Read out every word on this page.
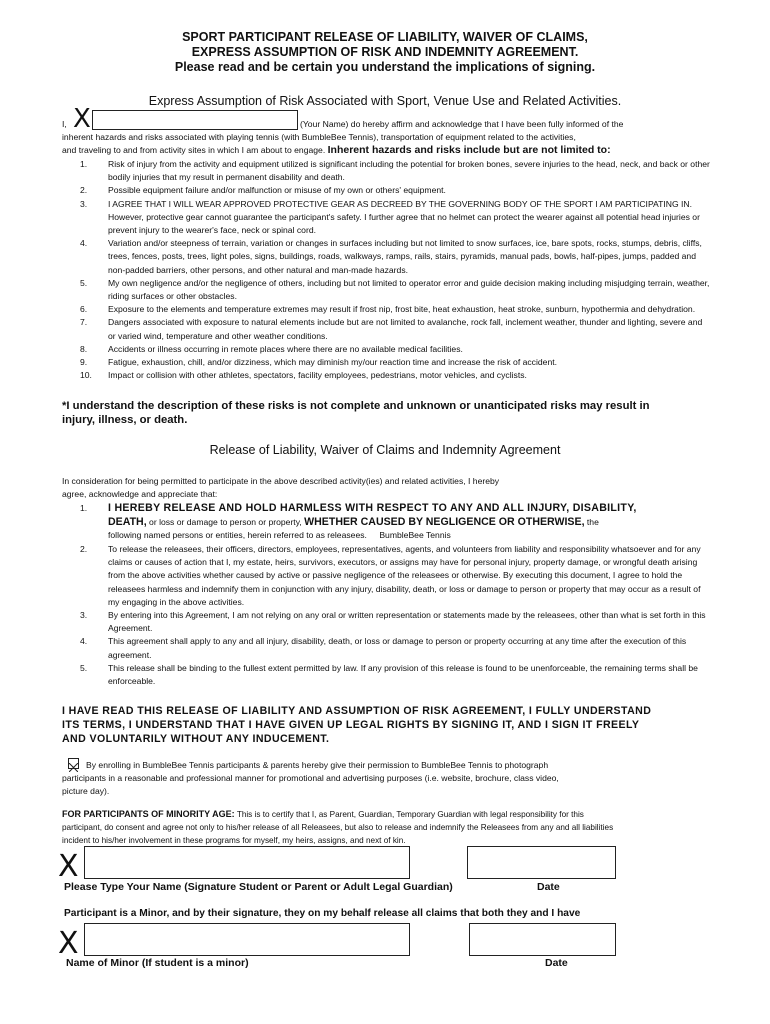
SPORT PARTICIPANT RELEASE OF LIABILITY, WAIVER OF CLAIMS,
EXPRESS ASSUMPTION OF RISK AND INDEMNITY AGREEMENT.
Please read and be certain you understand the implications of signing.
Express Assumption of Risk Associated with Sport, Venue Use and Related Activities.
I, X	(Your Name) do hereby affirm and acknowledge that I have been fully informed of the
inherent hazards and risks associated with playing tennis (with BumbleBee Tennis), transportation of equipment related to the activities,
and traveling to and from activity sites in which I am about to engage. Inherent hazards and risks include but are not limited to:
1.	Risk of injury from the activity and equipment utilized is significant including the potential for broken bones, severe injuries to the head, neck, and back or other bodily injuries that my result in permanent disability and death.
2.	Possible equipment failure and/or malfunction or misuse of my own or others' equipment.
3.	I AGREE THAT I WILL WEAR APPROVED PROTECTIVE GEAR AS DECREED BY THE GOVERNING BODY OF THE SPORT I AM PARTICIPATING IN. However, protective gear cannot guarantee the participant's safety. I further agree that no helmet can protect the wearer against all potential head injuries or prevent injury to the wearer's face, neck or spinal cord.
4.	Variation and/or steepness of terrain, variation or changes in surfaces including but not limited to snow surfaces, ice, bare spots, rocks, stumps, debris, cliffs, trees, fences, posts, trees, light poles, signs, buildings, roads, walkways, ramps, rails, stairs, pyramids, manual pads, bowls, half-pipes, jumps, padded and non-padded barriers, other persons, and other natural and man-made hazards.
5.	My own negligence and/or the negligence of others, including but not limited to operator error and guide decision making including misjudging terrain, weather, riding surfaces or other obstacles.
6.	Exposure to the elements and temperature extremes may result if frost nip, frost bite, heat exhaustion, heat stroke, sunburn, hypothermia and dehydration.
7.	Dangers associated with exposure to natural elements include but are not limited to avalanche, rock fall, inclement weather, thunder and lighting, severe and or varied wind, temperature and other weather conditions.
8.	Accidents or illness occurring in remote places where there are no available medical facilities.
9.	Fatigue, exhaustion, chill, and/or dizziness, which may diminish my/our reaction time and increase the risk of accident.
10.	Impact or collision with other athletes, spectators, facility employees, pedestrians, motor vehicles, and cyclists.
*I understand the description of these risks is not complete and unknown or unanticipated risks may result in
injury, illness, or death.
Release of Liability, Waiver of Claims and Indemnity Agreement
In consideration for being permitted to participate in the above described activity(ies) and related activities, I hereby
agree, acknowledge and appreciate that:
1.	I HEREBY RELEASE AND HOLD HARMLESS WITH RESPECT TO ANY AND ALL INJURY, DISABILITY,
DEATH, or loss or damage to person or property, WHETHER CAUSED BY NEGLIGENCE OR OTHERWISE, the
following named persons or entities, herein referred to as releasees. BumbleBee Tennis
2.	To release the releasees, their officers, directors, employees, representatives, agents, and volunteers from liability and responsibility whatsoever and for any claims or causes of action that I, my estate, heirs, survivors, executors, or assigns may have for personal injury, property damage, or wrongful death arising from the above activities whether caused by active or passive negligence of the releasees or otherwise. By executing this document, I agree to hold the releasees harmless and indemnify them in conjunction with any injury, disability, death, or loss or damage to person or property that may occur as a result of my engaging in the above activities.
3.	By entering into this Agreement, I am not relying on any oral or written representation or statements made by the releasees, other than what is set forth in this Agreement.
4.	This agreement shall apply to any and all injury, disability, death, or loss or damage to person or property occurring at any time after the execution of this agreement.
5.	This release shall be binding to the fullest extent permitted by law. If any provision of this release is found to be unenforceable, the remaining terms shall be enforceable.
I HAVE READ THIS RELEASE OF LIABILITY AND ASSUMPTION OF RISK AGREEMENT, I FULLY UNDERSTAND
ITS TERMS, I UNDERSTAND THAT I HAVE GIVEN UP LEGAL RIGHTS BY SIGNING IT, AND I SIGN IT FREELY
AND VOLUNTARILY WITHOUT ANY INDUCEMENT.
By enrolling in BumbleBee Tennis participants & parents hereby give their permission to BumbleBee Tennis to photograph
participants in a reasonable and professional manner for promotional and advertising purposes (i.e. website, brochure, class video,
picture day).
FOR PARTICIPANTS OF MINORITY AGE: This is to certify that I, as Parent, Guardian, Temporary Guardian with legal responsibility for this
participant, do consent and agree not only to his/her release of all Releasees, but also to release and indemnify the Releasees from any and all liabilities
incident to his/her involvement in these programs for myself, my heirs, assigns, and next of kin.
X
Please Type Your Name (Signature Student or Parent or Adult Legal Guardian)	Date
Participant is a Minor, and by their signature, they on my behalf release all claims that both they and I have
X
Name of Minor (If student is a minor)	Date
